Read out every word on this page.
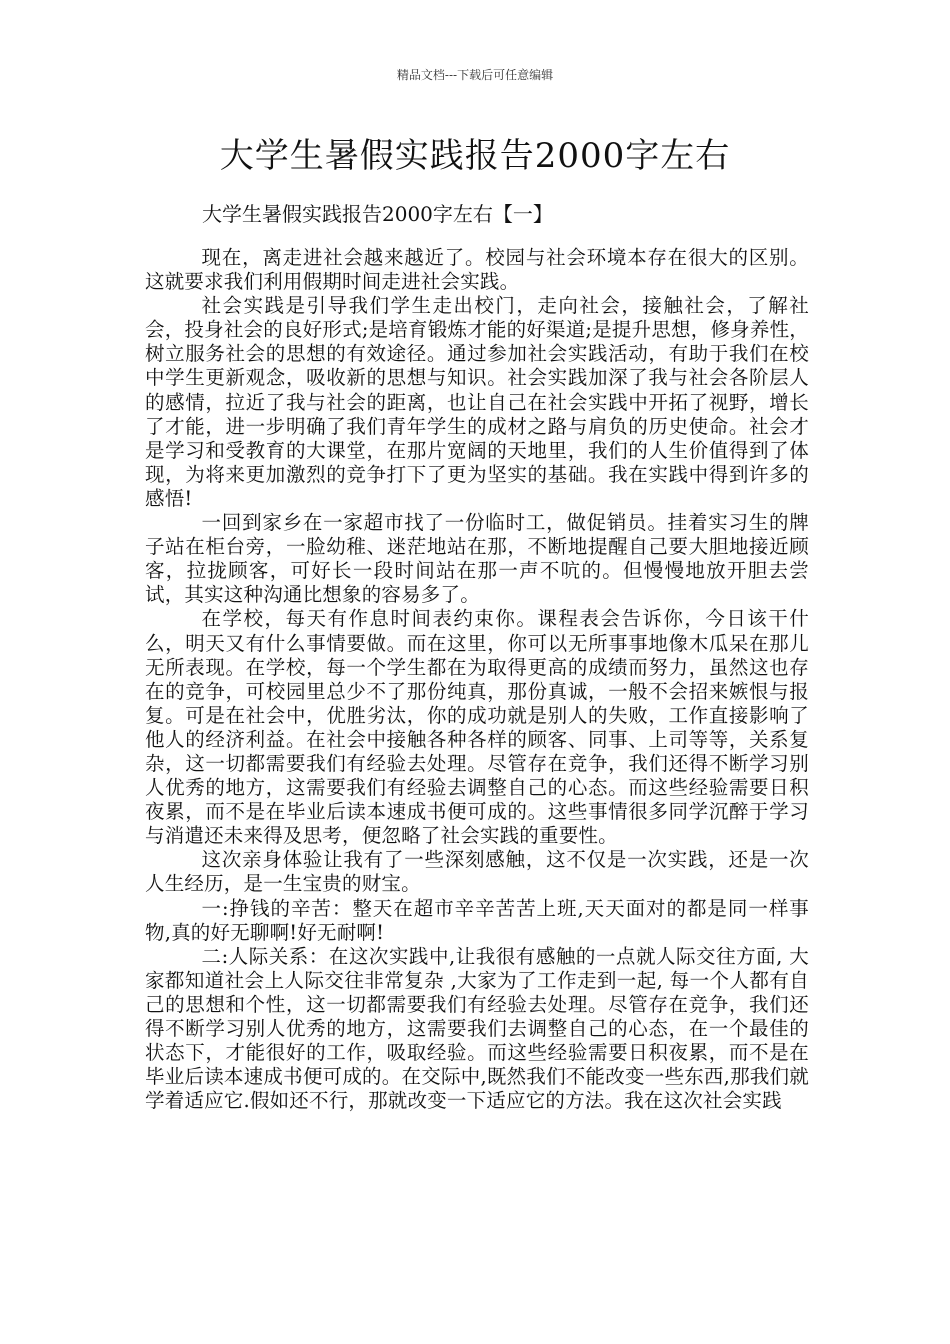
精品文档---下载后可任意编辑
大学生暑假实践报告2000字左右
大学生暑假实践报告2000字左右【一】

现在，离走进社会越来越近了。校园与社会环境本存在很大的区别。这就要求我们利用假期时间走进社会实践。

社会实践是引导我们学生走出校门，走向社会，接触社会，了解社会，投身社会的良好形式;是培育锻炼才能的好渠道;是提升思想，修身养性，树立服务社会的思想的有效途径。通过参加社会实践活动，有助于我们在校中学生更新观念，吸收新的思想与知识。社会实践加深了我与社会各阶层人的感情，拉近了我与社会的距离，也让自己在社会实践中开拓了视野，增长了才能，进一步明确了我们青年学生的成材之路与肩负的历史使命。社会才是学习和受教育的大课堂，在那片宽阔的天地里，我们的人生价值得到了体现，为将来更加激烈的竞争打下了更为坚实的基础。我在实践中得到许多的感悟!

一回到家乡在一家超市找了一份临时工，做促销员。挂着实习生的牌子站在柜台旁，一脸幼稚、迷茫地站在那，不断地提醒自己要大胆地接近顾客，拉拢顾客，可好长一段时间站在那一声不吭的。但慢慢地放开胆去尝试，其实这种沟通比想象的容易多了。

在学校，每天有作息时间表约束你。课程表会告诉你，今日该干什么，明天又有什么事情要做。而在这里，你可以无所事事地像木瓜呆在那儿无所表现。在学校，每一个学生都在为取得更高的成绩而努力，虽然这也存在的竞争，可校园里总少不了那份纯真，那份真诚，一般不会招来嫉恨与报复。可是在社会中，优胜劣汰，你的成功就是别人的失败，工作直接影响了他人的经济利益。在社会中接触各种各样的顾客、同事、上司等等，关系复杂，这一切都需要我们有经验去处理。尽管存在竞争，我们还得不断学习别人优秀的地方，这需要我们有经验去调整自己的心态。而这些经验需要日积夜累，而不是在毕业后读本速成书便可成的。这些事情很多同学沉醉于学习与消遣还未来得及思考，便忽略了社会实践的重要性。

这次亲身体验让我有了一些深刻感触，这不仅是一次实践，还是一次人生经历，是一生宝贵的财宝。

一:挣钱的辛苦：整天在超市辛辛苦苦上班,天天面对的都是同一样事物,真的好无聊啊!好无耐啊!

二:人际关系：在这次实践中,让我很有感触的一点就人际交往方面, 大家都知道社会上人际交往非常复杂 ,大家为了工作走到一起, 每一个人都有自己的思想和个性，这一切都需要我们有经验去处理。尽管存在竞争，我们还得不断学习别人优秀的地方，这需要我们去调整自己的心态，在一个最佳的状态下，才能很好的工作，吸取经验。而这些经验需要日积夜累，而不是在毕业后读本速成书便可成的。在交际中,既然我们不能改变一些东西,那我们就学着适应它.假如还不行，那就改变一下适应它的方法。我在这次社会实践
